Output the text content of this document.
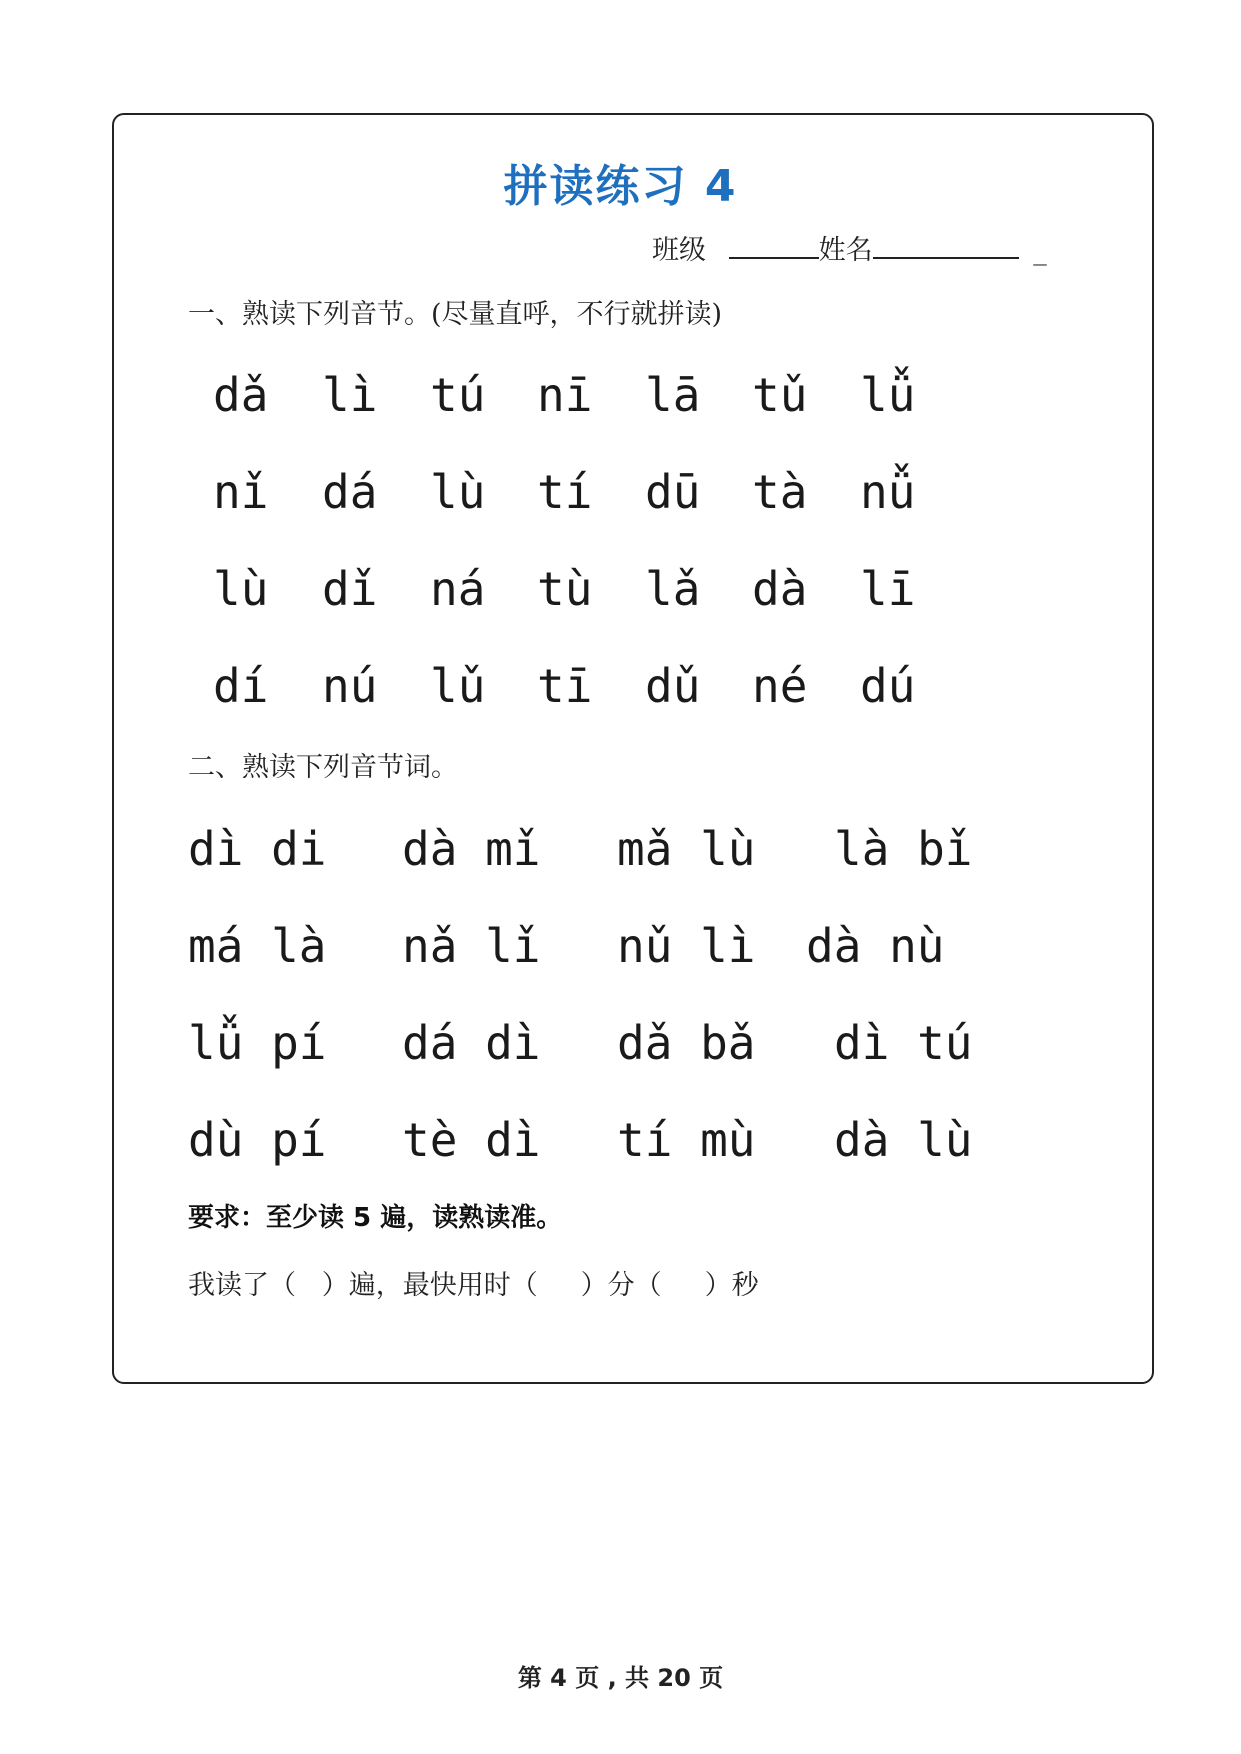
拼读练习 4
班级	姓名	_
一、熟读下列音节。(尽量直呼，不行就拼读)
dǎ lì tú nī lā tǔ lǚ
nǐ dá lù tí dū tà nǚ
lù dǐ ná tù lǎ dà lī
dí nú lǔ tī dǔ né dú
二、熟读下列音节词。
dì di dà mǐ mǎ lù là bǐ
má là nǎ lǐ nǔ lì dà nù
lǚ pí dá dì dǎ bǎ dì tú
dù pí tè dì tí mù dà lù
要求：至少读 5 遍，读熟读准。
我读了（   ）遍，最快用时（     ）分（     ）秒
第 4 页 , 共 20 页
